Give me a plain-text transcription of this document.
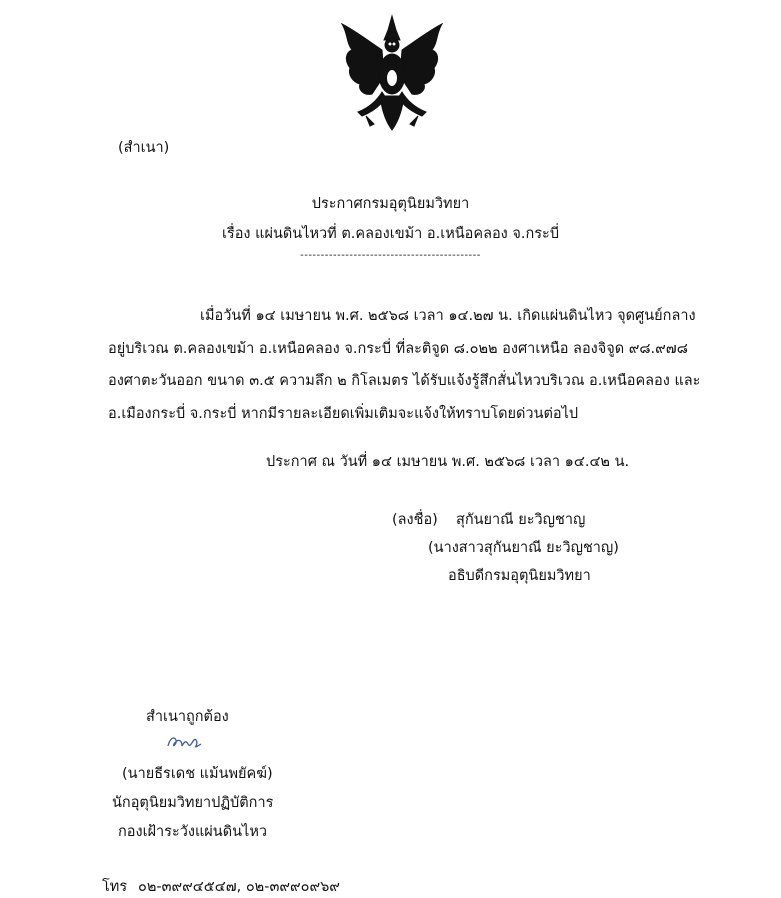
(สำเนา)
ประกาศกรมอุตุนิยมวิทยา
เรื่อง แผ่นดินไหวที่ ต.คลองเขม้า อ.เหนือคลอง จ.กระบี่
--------------------------------------------
เมื่อวันที่ ๑๔ เมษายน พ.ศ. ๒๕๖๘ เวลา ๑๔.๒๗ น. เกิดแผ่นดินไหว จุดศูนย์กลางอยู่บริเวณ ต.คลองเขม้า อ.เหนือคลอง จ.กระบี่ ที่ละติจูด ๘.๐๒๒ องศาเหนือ ลองจิจูด ๙๘.๙๗๘ องศาตะวันออก ขนาด ๓.๕ ความลึก ๒ กิโลเมตร ได้รับแจ้งรู้สึกสั่นไหวบริเวณ อ.เหนือคลอง และ อ.เมืองกระบี่ จ.กระบี่ หากมีรายละเอียดเพิ่มเติมจะแจ้งให้ทราบโดยด่วนต่อไป
ประกาศ ณ วันที่ ๑๔ เมษายน พ.ศ. ๒๕๖๘ เวลา ๑๔.๔๒ น.
(ลงชื่อ) สุกันยาณี ยะวิญชาญ
(นางสาวสุกันยาณี ยะวิญชาญ)
อธิบดีกรมอุตุนิยมวิทยา
สำเนาถูกต้อง
(นายธีรเดช แม้นพยัคฆ์)
นักอุตุนิยมวิทยาปฏิบัติการ
กองเฝ้าระวังแผ่นดินไหว
โทร ๐๒-๓๙๙๔๕๔๗, ๐๒-๓๙๙๐๙๖๙
